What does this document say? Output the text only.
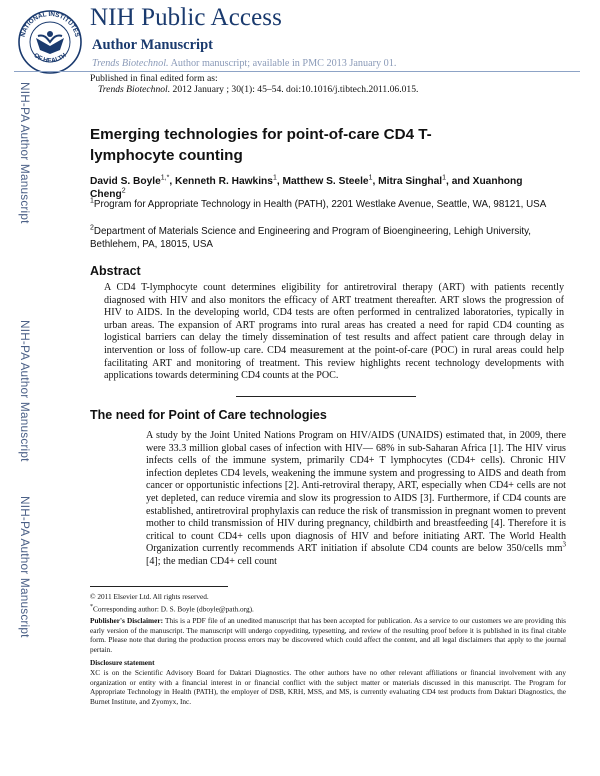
NATIONAL INSTITUTES
OF HEALTH
NIH Public Access
Author Manuscript
Trends Biotechnol. Author manuscript; available in PMC 2013 January 01.
Published in final edited form as:
Trends Biotechnol. 2012 January ; 30(1): 45–54. doi:10.1016/j.tibtech.2011.06.015.
NIH-PA Author Manuscript
NIH-PA Author Manuscript
NIH-PA Author Manuscript
Emerging technologies for point-of-care CD4 T-lymphocyte counting
David S. Boyle$^{1,*}$, Kenneth R. Hawkins$^1$, Matthew S. Steele$^1$, Mitra Singhal$^1$, and Xuanhong Cheng$^2$
$^1$Program for Appropriate Technology in Health (PATH), 2201 Westlake Avenue, Seattle, WA, 98121, USA
$^2$Department of Materials Science and Engineering and Program of Bioengineering, Lehigh University, Bethlehem, PA, 18015, USA
Abstract
A CD4 T-lymphocyte count determines eligibility for antiretroviral therapy (ART) with patients recently diagnosed with HIV and also monitors the efficacy of ART treatment thereafter. ART slows the progression of HIV to AIDS. In the developing world, CD4 tests are often performed in centralized laboratories, typically in urban areas. The expansion of ART programs into rural areas has created a need for rapid CD4 counting as logistical barriers can delay the timely dissemination of test results and affect patient care through delay in intervention or loss of follow-up care. CD4 measurement at the point-of-care (POC) in rural areas could help facilitating ART and monitoring of treatment. This review highlights recent technology developments with applications towards determining CD4 counts at the POC.
The need for Point of Care technologies
A study by the Joint United Nations Program on HIV/AIDS (UNAIDS) estimated that, in 2009, there were 33.3 million global cases of infection with HIV— 68% in sub-Saharan Africa [1]. The HIV virus infects cells of the immune system, primarily CD4+ T lymphocytes (CD4+ cells). Chronic HIV infection depletes CD4 levels, weakening the immune system and progressing to AIDS and death from cancer or opportunistic infections [2]. Anti-retroviral therapy, ART, especially when CD4+ cells are not yet depleted, can reduce viremia and slow its progression to AIDS [3]. Furthermore, if CD4 counts are established, antiretroviral prophylaxis can reduce the risk of transmission in pregnant women to prevent mother to child transmission of HIV during pregnancy, childbirth and breastfeeding [4]. Therefore it is critical to count CD4+ cells upon diagnosis of HIV and before initiating ART. The World Health Organization currently recommends ART initiation if absolute CD4 counts are below 350/cells $mm^3$ [4]; the median CD4+ cell count
© 2011 Elsevier Ltd. All rights reserved.
*Corresponding author: D. S. Boyle (dboyle@path.org).
Publisher's Disclaimer: This is a PDF file of an unedited manuscript that has been accepted for publication. As a service to our customers we are providing this early version of the manuscript. The manuscript will undergo copyediting, typesetting, and review of the resulting proof before it is published in its final citable form. Please note that during the production process errors may be discovered which could affect the content, and all legal disclaimers that apply to the journal pertain.
Disclosure statement
XC is on the Scientific Advisory Board for Daktari Diagnostics. The other authors have no other relevant affiliations or financial involvement with any organization or entity with a financial interest in or financial conflict with the subject matter or materials discussed in this manuscript. The Program for Appropriate Technology in Health (PATH), the employer of DSB, KRH, MSS, and MS, is currently evaluating CD4 test products from Daktari Diagnostics, the Burnet Institute, and Zyomyx, Inc.
